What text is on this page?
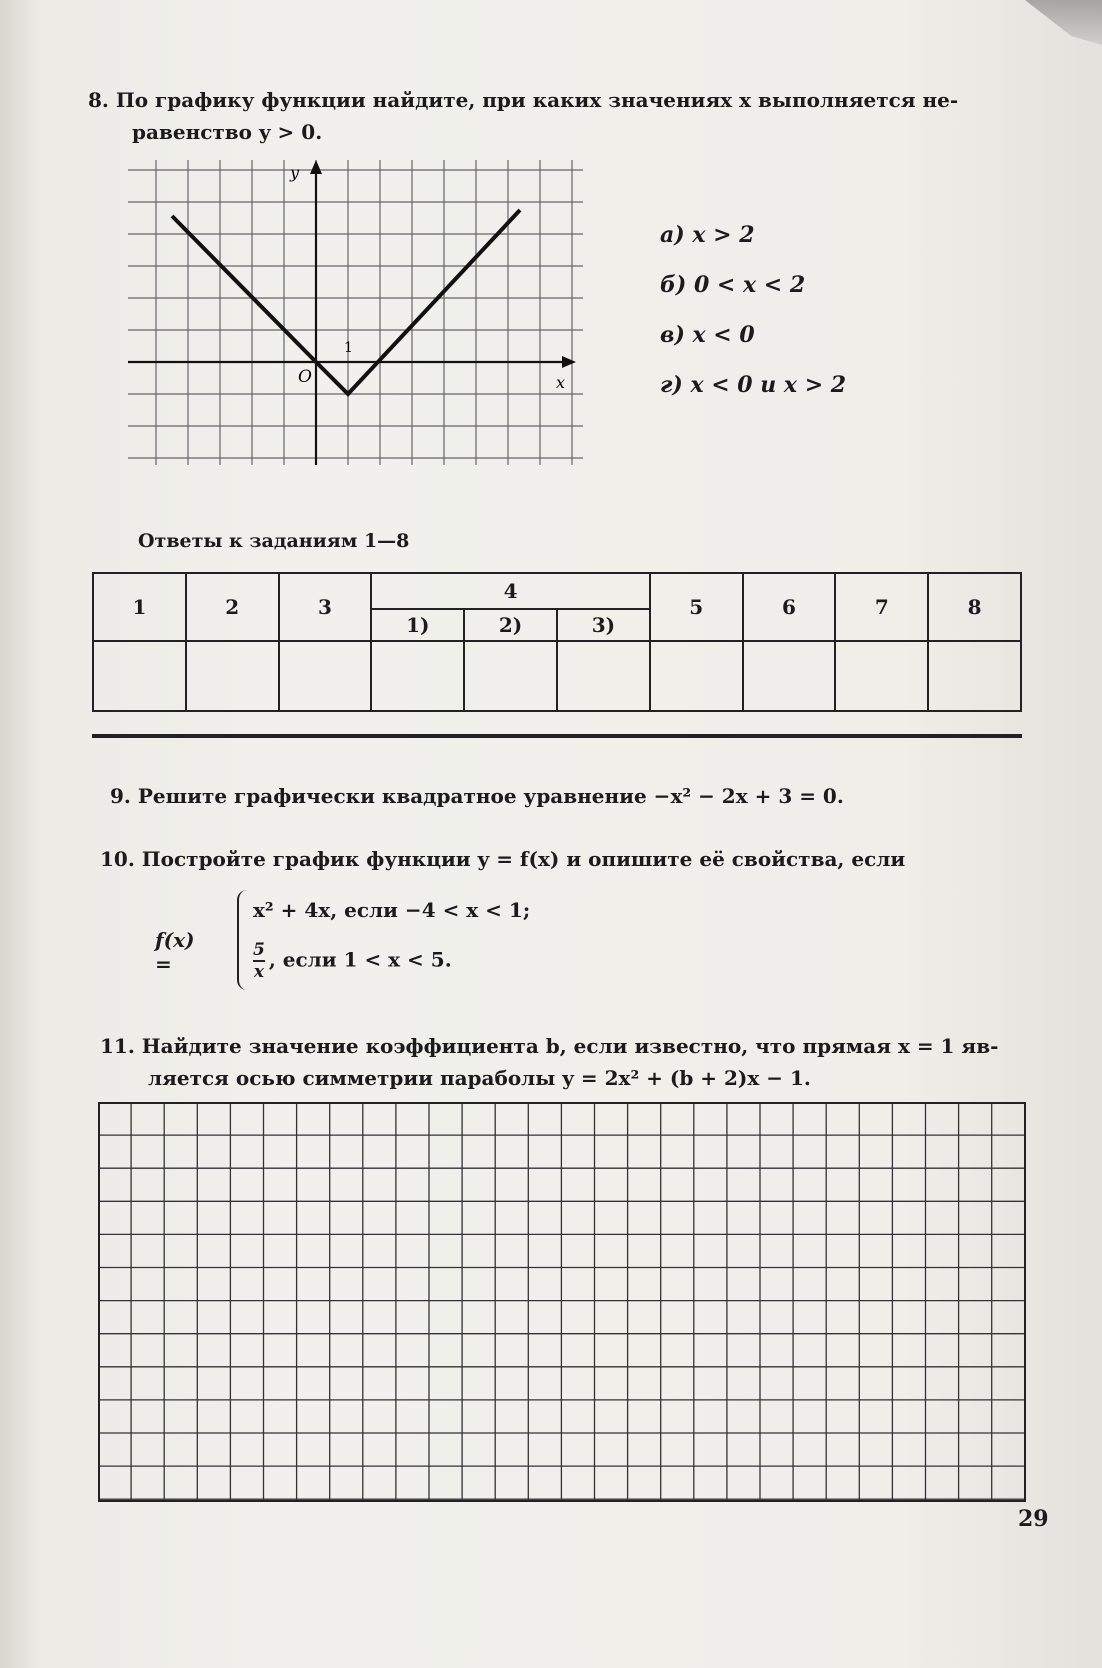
8. По графику функции найдите, при каких значениях x выполняется не-
равенство y > 0.
y
x
O
1
а) x > 2
б) 0 < x < 2
в) x < 0
г) x < 0 и x > 2
Ответы к заданиям 1—8
1	2	3	4			5	6	7	8
			1)	2)	3)				

9. Решите графически квадратное уравнение −x² − 2x + 3 = 0.
10. Постройте график функции y = f(x) и опишите её свойства, если
f(x) =
x² + 4x, если −4 < x < 1;
$\frac{5}{x}$ , если 1 < x < 5.
11. Найдите значение коэффициента b, если известно, что прямая x = 1 яв-
ляется осью симметрии параболы y = 2x² + (b + 2)x − 1.
29
